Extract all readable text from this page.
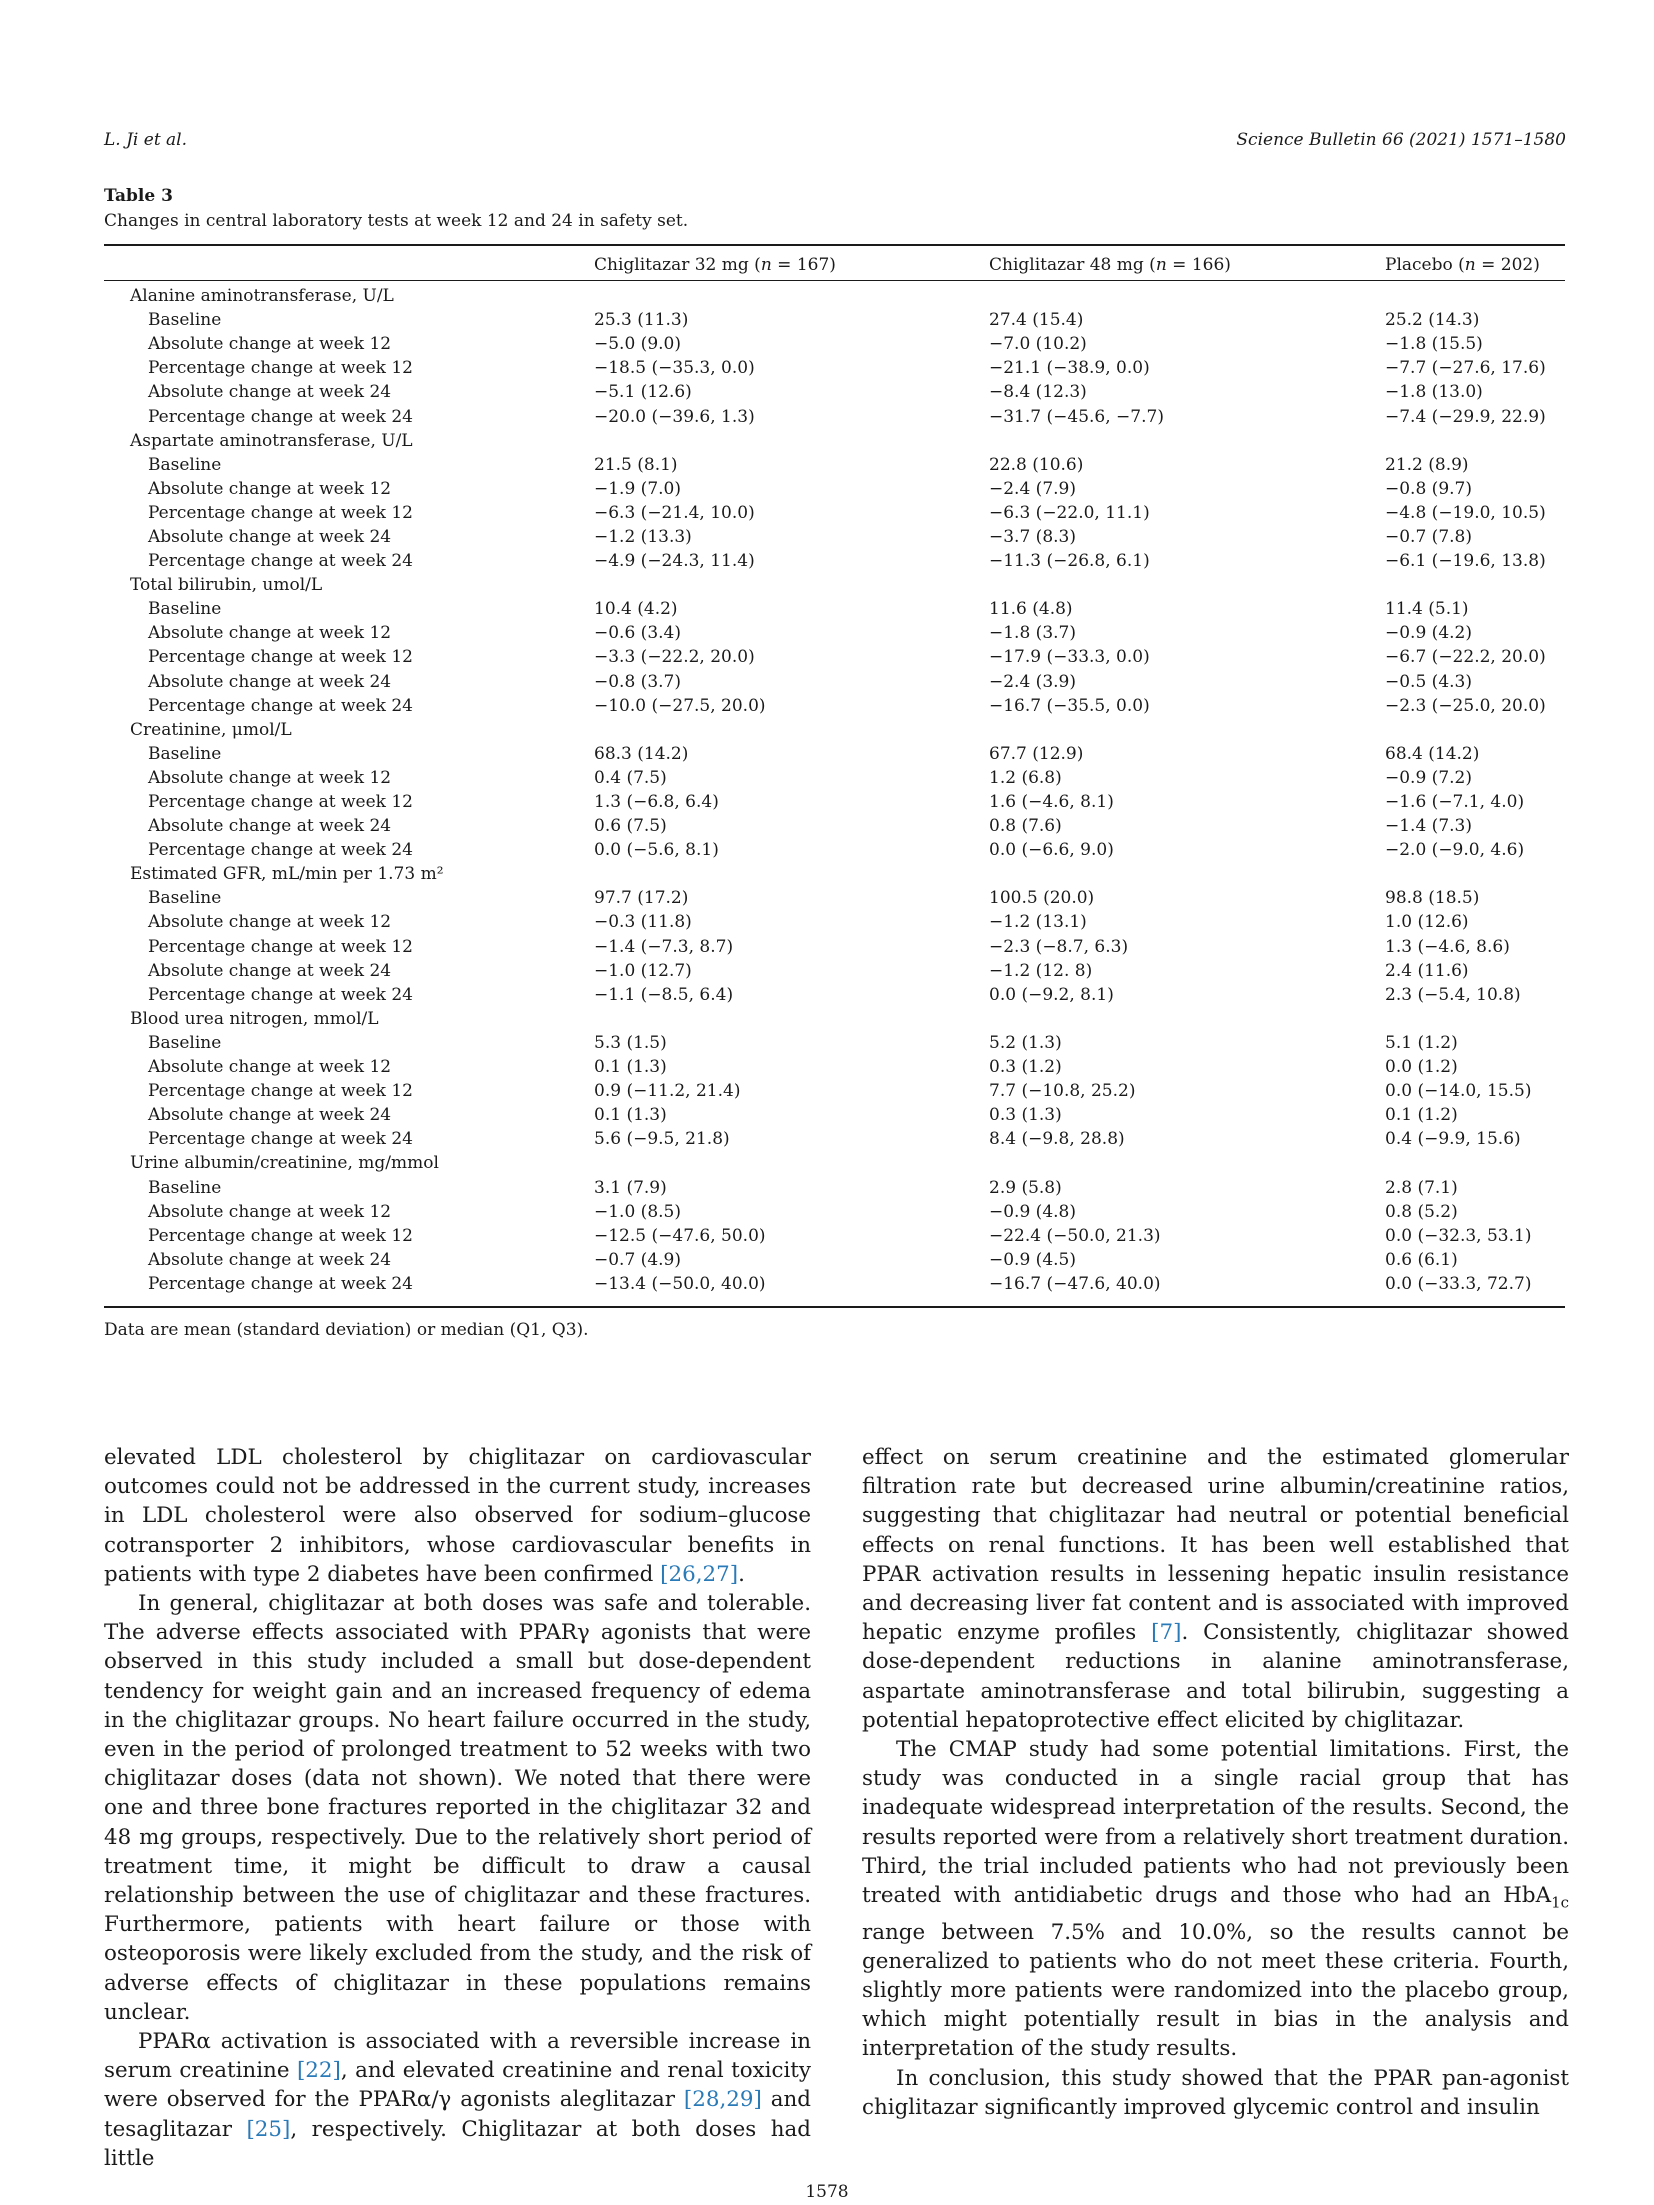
L. Ji et al.	Science Bulletin 66 (2021) 1571–1580
Table 3
Changes in central laboratory tests at week 12 and 24 in safety set.
	Chiglitazar 32 mg (n = 167)	Chiglitazar 48 mg (n = 166)	Placebo (n = 202)
Alanine aminotransferase, U/L			
Baseline	25.3 (11.3)	27.4 (15.4)	25.2 (14.3)
Absolute change at week 12	−5.0 (9.0)	−7.0 (10.2)	−1.8 (15.5)
Percentage change at week 12	−18.5 (−35.3, 0.0)	−21.1 (−38.9, 0.0)	−7.7 (−27.6, 17.6)
Absolute change at week 24	−5.1 (12.6)	−8.4 (12.3)	−1.8 (13.0)
Percentage change at week 24	−20.0 (−39.6, 1.3)	−31.7 (−45.6, −7.7)	−7.4 (−29.9, 22.9)
Aspartate aminotransferase, U/L			
Baseline	21.5 (8.1)	22.8 (10.6)	21.2 (8.9)
Absolute change at week 12	−1.9 (7.0)	−2.4 (7.9)	−0.8 (9.7)
Percentage change at week 12	−6.3 (−21.4, 10.0)	−6.3 (−22.0, 11.1)	−4.8 (−19.0, 10.5)
Absolute change at week 24	−1.2 (13.3)	−3.7 (8.3)	−0.7 (7.8)
Percentage change at week 24	−4.9 (−24.3, 11.4)	−11.3 (−26.8, 6.1)	−6.1 (−19.6, 13.8)
Total bilirubin, umol/L			
Baseline	10.4 (4.2)	11.6 (4.8)	11.4 (5.1)
Absolute change at week 12	−0.6 (3.4)	−1.8 (3.7)	−0.9 (4.2)
Percentage change at week 12	−3.3 (−22.2, 20.0)	−17.9 (−33.3, 0.0)	−6.7 (−22.2, 20.0)
Absolute change at week 24	−0.8 (3.7)	−2.4 (3.9)	−0.5 (4.3)
Percentage change at week 24	−10.0 (−27.5, 20.0)	−16.7 (−35.5, 0.0)	−2.3 (−25.0, 20.0)
Creatinine, μmol/L			
Baseline	68.3 (14.2)	67.7 (12.9)	68.4 (14.2)
Absolute change at week 12	0.4 (7.5)	1.2 (6.8)	−0.9 (7.2)
Percentage change at week 12	1.3 (−6.8, 6.4)	1.6 (−4.6, 8.1)	−1.6 (−7.1, 4.0)
Absolute change at week 24	0.6 (7.5)	0.8 (7.6)	−1.4 (7.3)
Percentage change at week 24	0.0 (−5.6, 8.1)	0.0 (−6.6, 9.0)	−2.0 (−9.0, 4.6)
Estimated GFR, mL/min per 1.73 m²			
Baseline	97.7 (17.2)	100.5 (20.0)	98.8 (18.5)
Absolute change at week 12	−0.3 (11.8)	−1.2 (13.1)	1.0 (12.6)
Percentage change at week 12	−1.4 (−7.3, 8.7)	−2.3 (−8.7, 6.3)	1.3 (−4.6, 8.6)
Absolute change at week 24	−1.0 (12.7)	−1.2 (12. 8)	2.4 (11.6)
Percentage change at week 24	−1.1 (−8.5, 6.4)	0.0 (−9.2, 8.1)	2.3 (−5.4, 10.8)
Blood urea nitrogen, mmol/L			
Baseline	5.3 (1.5)	5.2 (1.3)	5.1 (1.2)
Absolute change at week 12	0.1 (1.3)	0.3 (1.2)	0.0 (1.2)
Percentage change at week 12	0.9 (−11.2, 21.4)	7.7 (−10.8, 25.2)	0.0 (−14.0, 15.5)
Absolute change at week 24	0.1 (1.3)	0.3 (1.3)	0.1 (1.2)
Percentage change at week 24	5.6 (−9.5, 21.8)	8.4 (−9.8, 28.8)	0.4 (−9.9, 15.6)
Urine albumin/creatinine, mg/mmol			
Baseline	3.1 (7.9)	2.9 (5.8)	2.8 (7.1)
Absolute change at week 12	−1.0 (8.5)	−0.9 (4.8)	0.8 (5.2)
Percentage change at week 12	−12.5 (−47.6, 50.0)	−22.4 (−50.0, 21.3)	0.0 (−32.3, 53.1)
Absolute change at week 24	−0.7 (4.9)	−0.9 (4.5)	0.6 (6.1)
Percentage change at week 24	−13.4 (−50.0, 40.0)	−16.7 (−47.6, 40.0)	0.0 (−33.3, 72.7)
Data are mean (standard deviation) or median (Q1, Q3).

elevated LDL cholesterol by chiglitazar on cardiovascular outcomes could not be addressed in the current study, increases in LDL cholesterol were also observed for sodium–glucose cotransporter 2 inhibitors, whose cardiovascular benefits in patients with type 2 diabetes have been confirmed [26,27].

In general, chiglitazar at both doses was safe and tolerable. The adverse effects associated with PPARγ agonists that were observed in this study included a small but dose-dependent tendency for weight gain and an increased frequency of edema in the chiglitazar groups. No heart failure occurred in the study, even in the period of prolonged treatment to 52 weeks with two chiglitazar doses (data not shown). We noted that there were one and three bone fractures reported in the chiglitazar 32 and 48 mg groups, respectively. Due to the relatively short period of treatment time, it might be difficult to draw a causal relationship between the use of chiglitazar and these fractures. Furthermore, patients with heart failure or those with osteoporosis were likely excluded from the study, and the risk of adverse effects of chiglitazar in these populations remains unclear.

PPARα activation is associated with a reversible increase in serum creatinine [22], and elevated creatinine and renal toxicity were observed for the PPARα/γ agonists aleglitazar [28,29] and tesaglitazar [25], respectively. Chiglitazar at both doses had little

effect on serum creatinine and the estimated glomerular filtration rate but decreased urine albumin/creatinine ratios, suggesting that chiglitazar had neutral or potential beneficial effects on renal functions. It has been well established that PPAR activation results in lessening hepatic insulin resistance and decreasing liver fat content and is associated with improved hepatic enzyme profiles [7]. Consistently, chiglitazar showed dose-dependent reductions in alanine aminotransferase, aspartate aminotransferase and total bilirubin, suggesting a potential hepatoprotective effect elicited by chiglitazar.

The CMAP study had some potential limitations. First, the study was conducted in a single racial group that has inadequate widespread interpretation of the results. Second, the results reported were from a relatively short treatment duration. Third, the trial included patients who had not previously been treated with antidiabetic drugs and those who had an HbA$_{1c}$ range between 7.5% and 10.0%, so the results cannot be generalized to patients who do not meet these criteria. Fourth, slightly more patients were randomized into the placebo group, which might potentially result in bias in the analysis and interpretation of the study results.

In conclusion, this study showed that the PPAR pan-agonist chiglitazar significantly improved glycemic control and insulin

1578
